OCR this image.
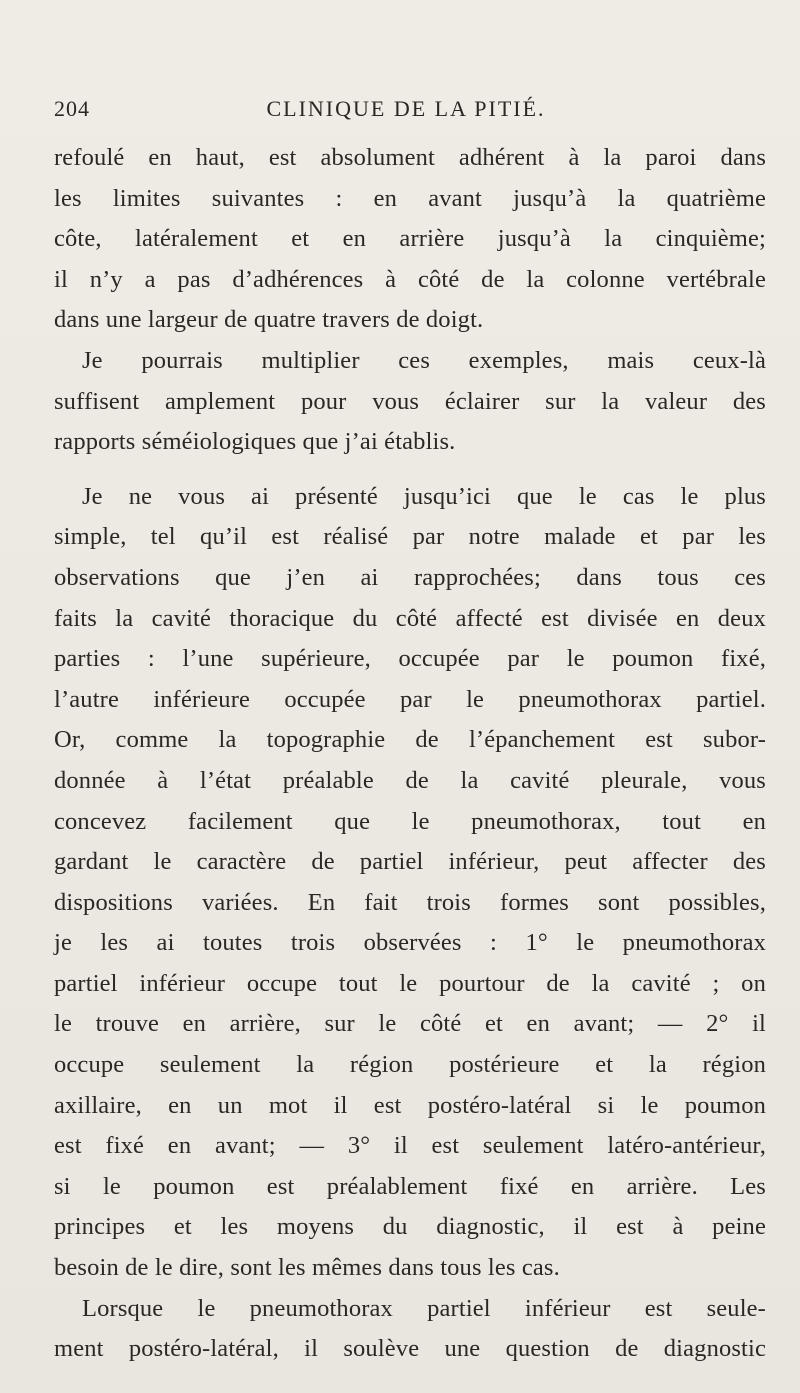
204	CLINIQUE DE LA PITIÉ.
refoulé en haut, est absolument adhérent à la paroi dans
les limites suivantes : en avant jusqu’à la quatrième
côte, latéralement et en arrière jusqu’à la cinquième;
il n’y a pas d’adhérences à côté de la colonne vertébrale
dans une largeur de quatre travers de doigt.
Je pourrais multiplier ces exemples, mais ceux-là
suffisent amplement pour vous éclairer sur la valeur des
rapports séméiologiques que j’ai établis.
Je ne vous ai présenté jusqu’ici que le cas le plus
simple, tel qu’il est réalisé par notre malade et par les
observations que j’en ai rapprochées; dans tous ces
faits la cavité thoracique du côté affecté est divisée en deux
parties : l’une supérieure, occupée par le poumon fixé,
l’autre inférieure occupée par le pneumothorax partiel.
Or, comme la topographie de l’épanchement est subor-
donnée à l’état préalable de la cavité pleurale, vous
concevez facilement que le pneumothorax, tout en
gardant le caractère de partiel inférieur, peut affecter des
dispositions variées. En fait trois formes sont possibles,
je les ai toutes trois observées : 1° le pneumothorax
partiel inférieur occupe tout le pourtour de la cavité ; on
le trouve en arrière, sur le côté et en avant; — 2° il
occupe seulement la région postérieure et la région
axillaire, en un mot il est postéro-latéral si le poumon
est fixé en avant; — 3° il est seulement latéro-antérieur,
si le poumon est préalablement fixé en arrière. Les
principes et les moyens du diagnostic, il est à peine
besoin de le dire, sont les mêmes dans tous les cas.
Lorsque le pneumothorax partiel inférieur est seule-
ment postéro-latéral, il soulève une question de diagnostic
